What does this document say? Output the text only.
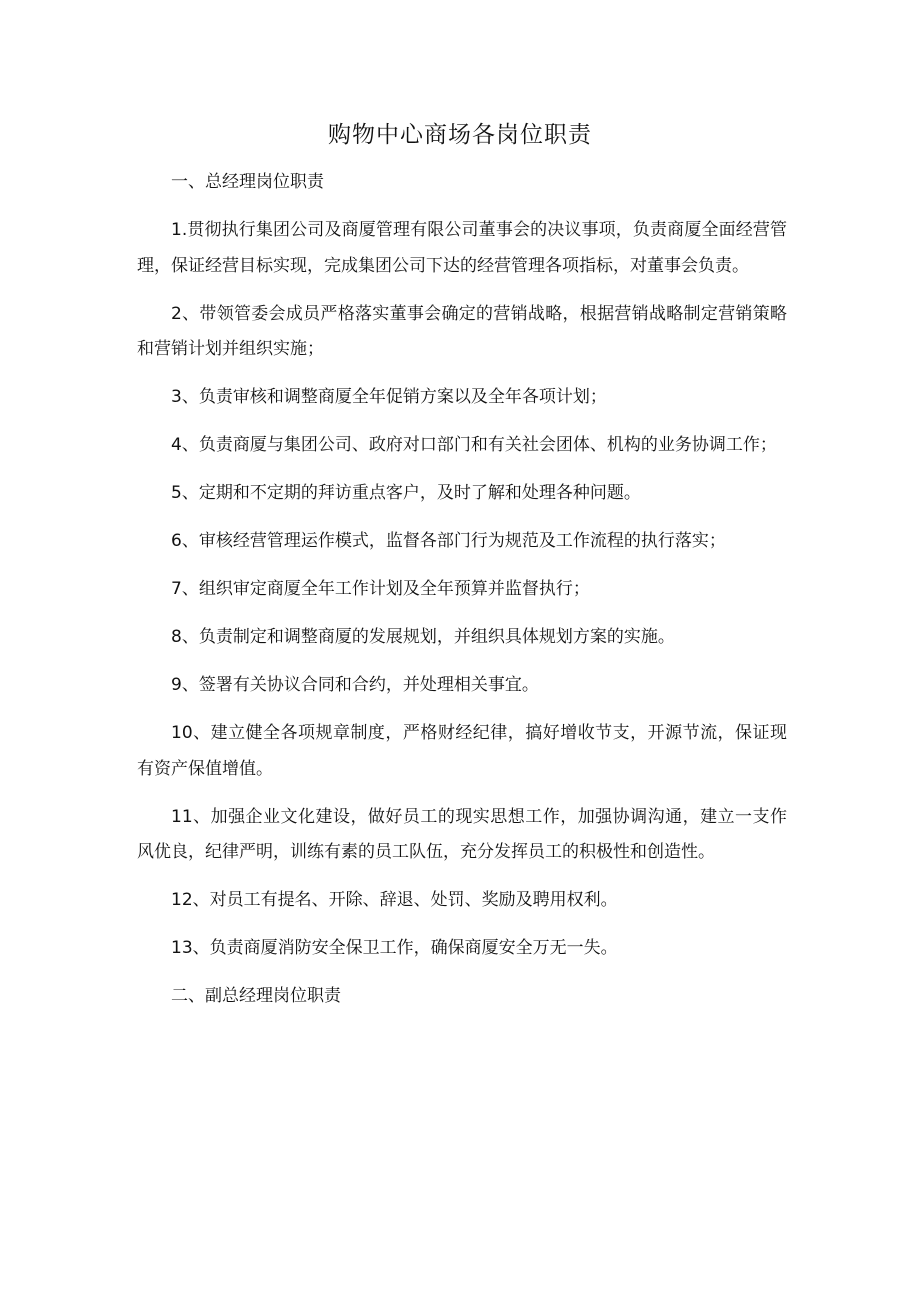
购物中心商场各岗位职责

一、总经理岗位职责

1.贯彻执行集团公司及商厦管理有限公司董事会的决议事项，负责商厦全面经营管理，保证经营目标实现，完成集团公司下达的经营管理各项指标，对董事会负责。

2、带领管委会成员严格落实董事会确定的营销战略，根据营销战略制定营销策略和营销计划并组织实施；

3、负责审核和调整商厦全年促销方案以及全年各项计划；

4、负责商厦与集团公司、政府对口部门和有关社会团体、机构的业务协调工作；

5、定期和不定期的拜访重点客户，及时了解和处理各种问题。

6、审核经营管理运作模式，监督各部门行为规范及工作流程的执行落实；

7、组织审定商厦全年工作计划及全年预算并监督执行；

8、负责制定和调整商厦的发展规划，并组织具体规划方案的实施。

9、签署有关协议合同和合约，并处理相关事宜。

10、建立健全各项规章制度，严格财经纪律，搞好增收节支，开源节流，保证现有资产保值增值。

11、加强企业文化建设，做好员工的现实思想工作，加强协调沟通，建立一支作风优良，纪律严明，训练有素的员工队伍，充分发挥员工的积极性和创造性。

12、对员工有提名、开除、辞退、处罚、奖励及聘用权利。

13、负责商厦消防安全保卫工作，确保商厦安全万无一失。

二、副总经理岗位职责
